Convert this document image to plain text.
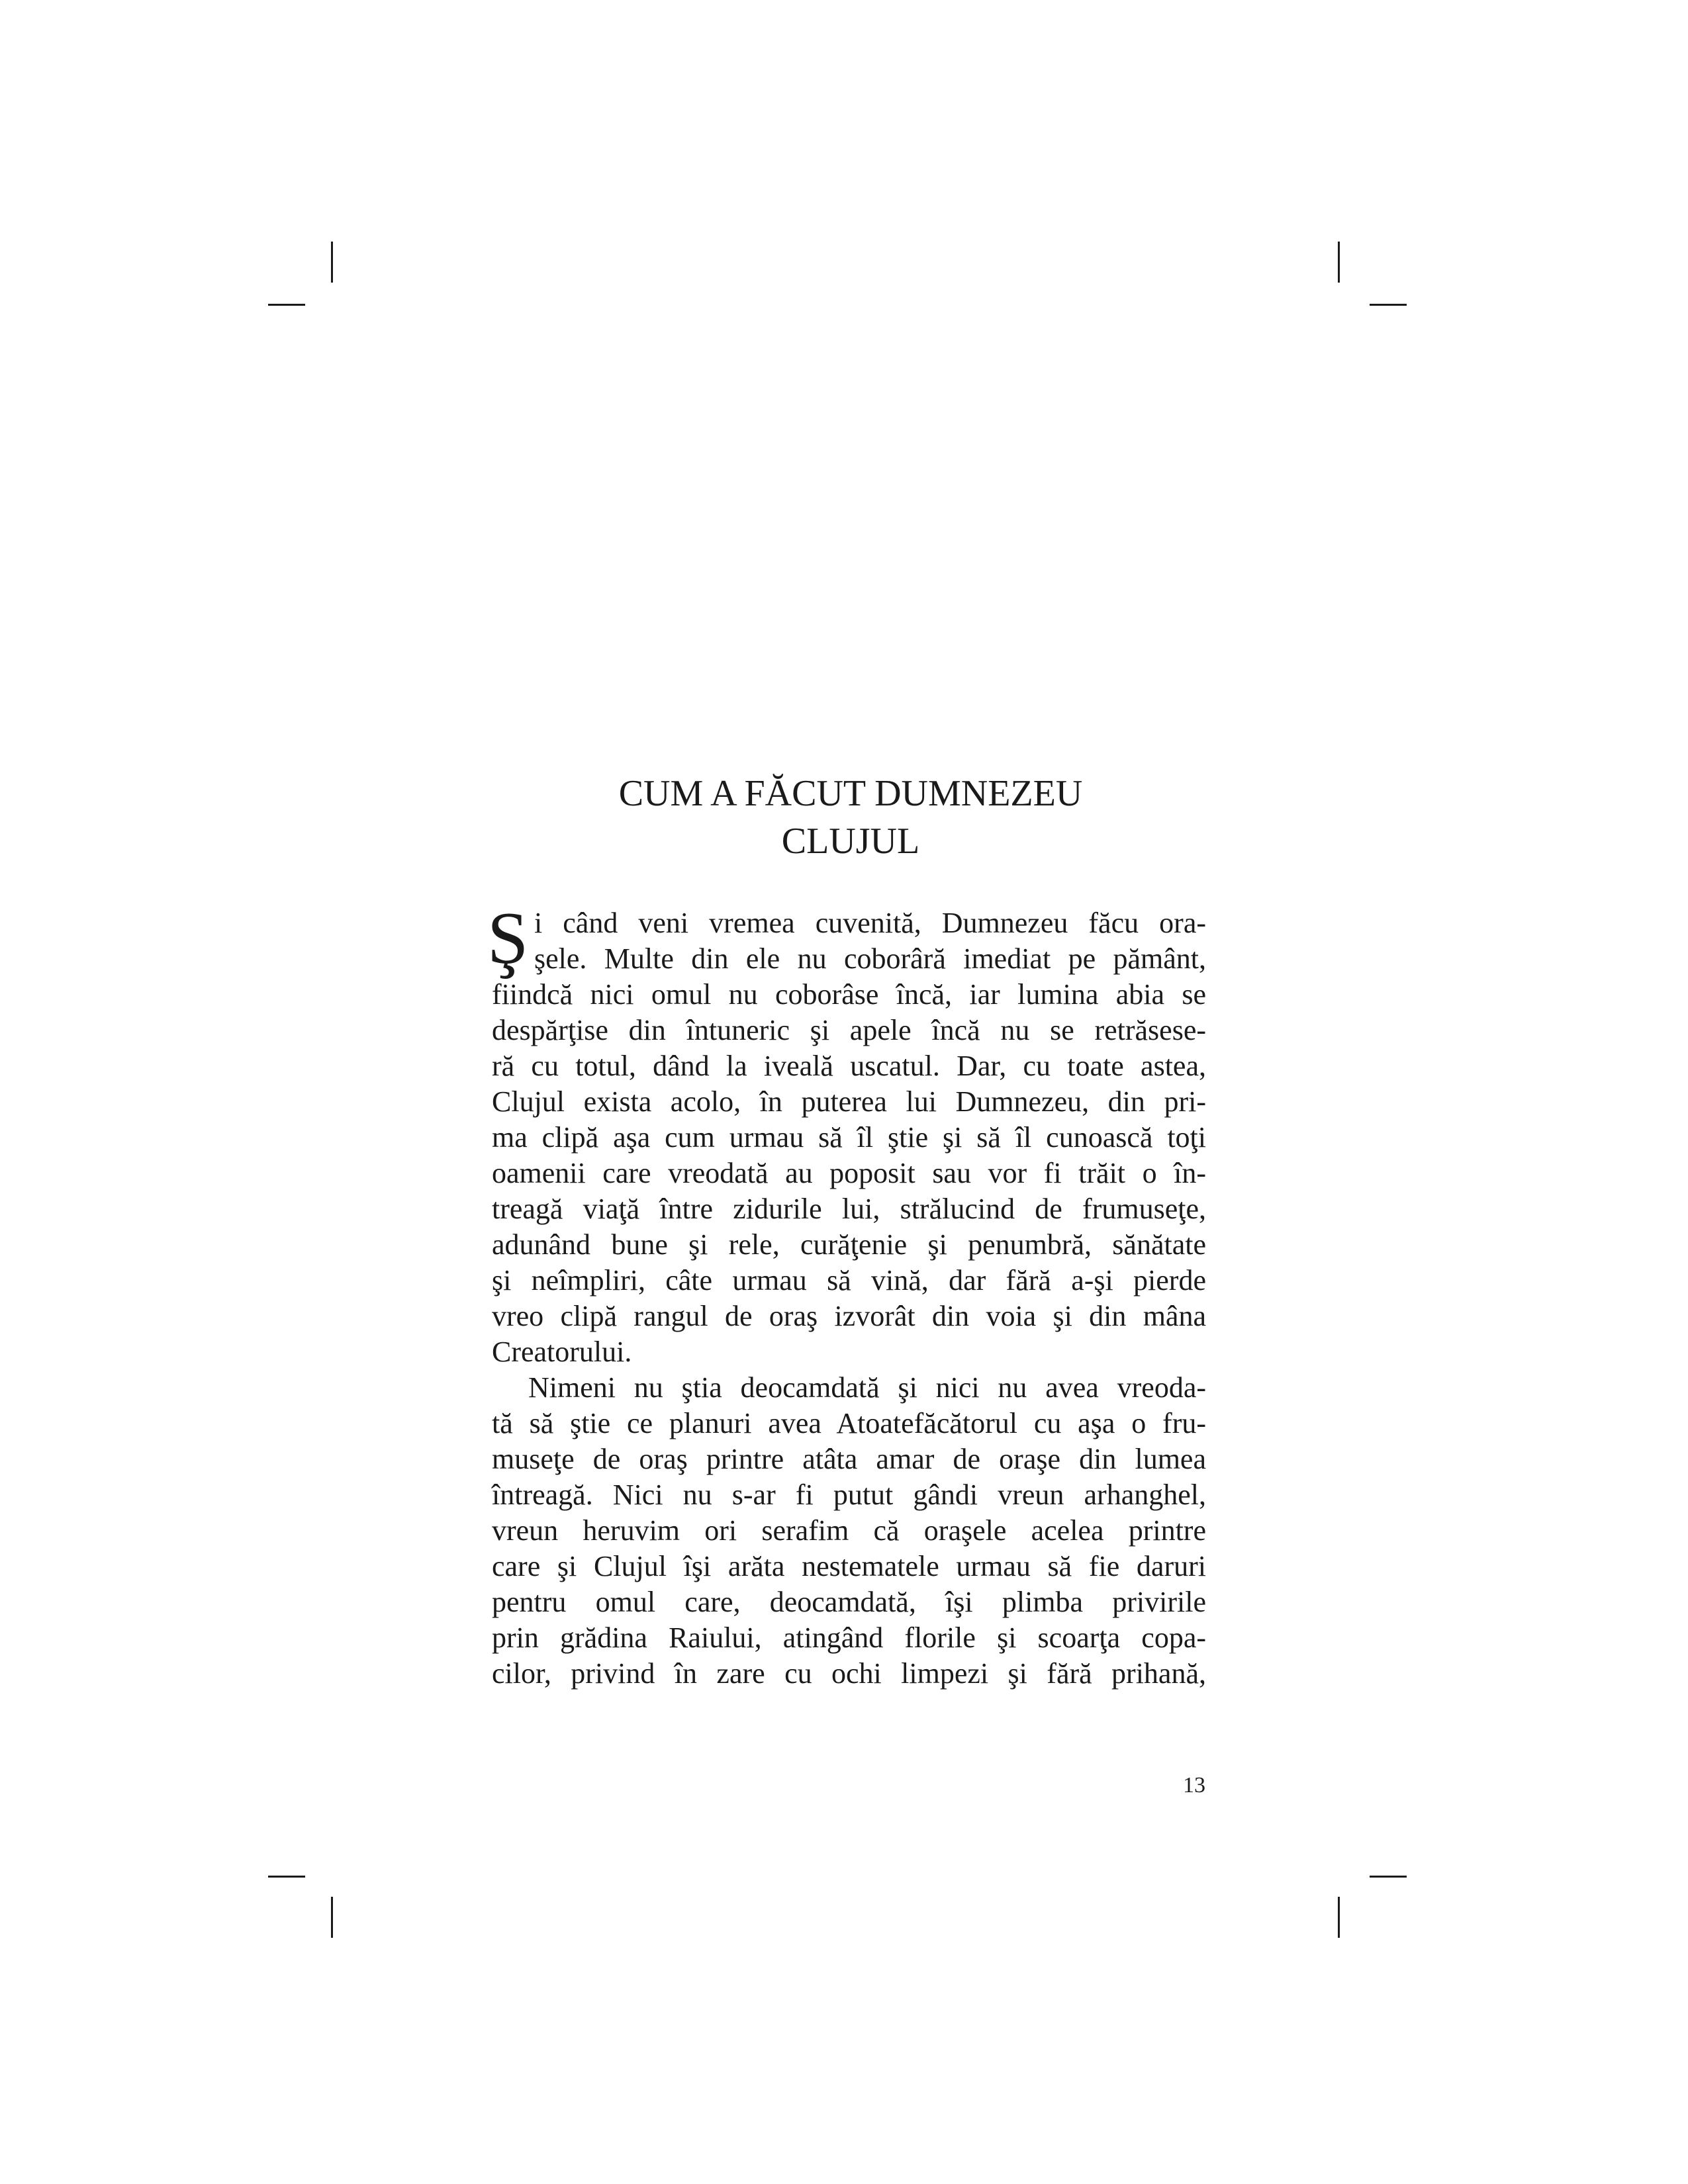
CUM A FĂCUT DUMNEZEU
CLUJUL
Ş i când veni vremea cuvenită, Dumnezeu făcu ora-
şele. Multe din ele nu coborâră imediat pe pământ,
fiindcă nici omul nu coborâse încă, iar lumina abia se
despărţise din întuneric şi apele încă nu se retrăsese-
ră cu totul, dând la iveală uscatul. Dar, cu toate astea,
Clujul exista acolo, în puterea lui Dumnezeu, din pri-
ma clipă aşa cum urmau să îl ştie şi să îl cunoască toţi
oamenii care vreodată au poposit sau vor fi trăit o în-
treagă viaţă între zidurile lui, strălucind de frumuseţe,
adunând bune şi rele, curăţenie şi penumbră, sănătate
şi neîmpliri, câte urmau să vină, dar fără a-şi pierde
vreo clipă rangul de oraş izvorât din voia şi din mâna
Creatorului.
Nimeni nu ştia deocamdată şi nici nu avea vreoda-
tă să ştie ce planuri avea Atoatefăcătorul cu aşa o fru-
museţe de oraş printre atâta amar de oraşe din lumea
întreagă. Nici nu s-ar fi putut gândi vreun arhanghel,
vreun heruvim ori serafim că oraşele acelea printre
care şi Clujul îşi arăta nestematele urmau să fie daruri
pentru omul care, deocamdată, îşi plimba privirile
prin grădina Raiului, atingând florile şi scoarţa copa-
cilor, privind în zare cu ochi limpezi şi fără prihană,
13
